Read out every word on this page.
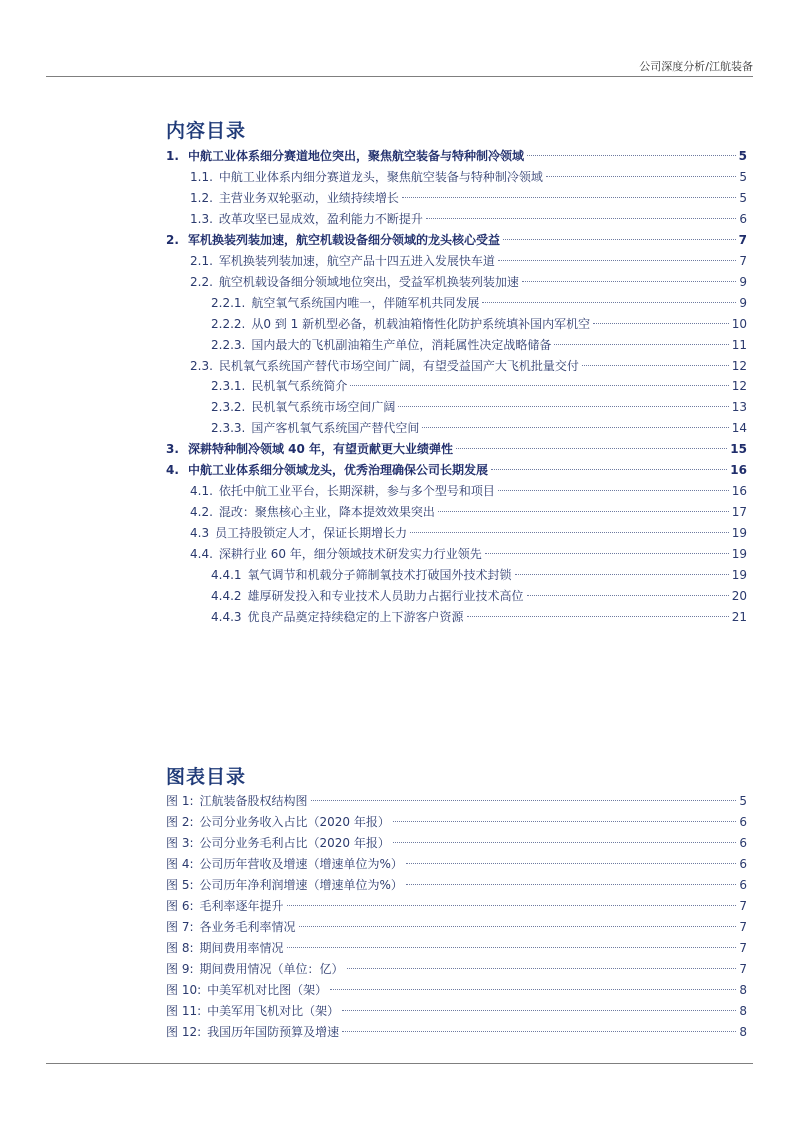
公司深度分析/江航装备
内容目录
1. 中航工业体系细分赛道地位突出，聚焦航空装备与特种制冷领域	5
1.1. 中航工业体系内细分赛道龙头，聚焦航空装备与特种制冷领域	5
1.2. 主营业务双轮驱动，业绩持续增长	5
1.3. 改革攻坚已显成效，盈利能力不断提升	6
2. 军机换装列装加速，航空机载设备细分领域的龙头核心受益	7
2.1. 军机换装列装加速，航空产品十四五进入发展快车道	7
2.2. 航空机载设备细分领域地位突出，受益军机换装列装加速	9
2.2.1. 航空氧气系统国内唯一，伴随军机共同发展	9
2.2.2. 从0 到 1 新机型必备，机载油箱惰性化防护系统填补国内军机空	10
2.2.3. 国内最大的飞机副油箱生产单位，消耗属性决定战略储备	11
2.3. 民机氧气系统国产替代市场空间广阔，有望受益国产大飞机批量交付	12
2.3.1. 民机氧气系统简介	12
2.3.2. 民机氧气系统市场空间广阔	13
2.3.3. 国产客机氧气系统国产替代空间	14
3. 深耕特种制冷领域 40 年，有望贡献更大业绩弹性	15
4. 中航工业体系细分领域龙头，优秀治理确保公司长期发展	16
4.1. 依托中航工业平台，长期深耕，参与多个型号和项目	16
4.2. 混改：聚焦核心主业，降本提效效果突出	17
4.3 员工持股锁定人才，保证长期增长力	19
4.4. 深耕行业 60 年，细分领域技术研发实力行业领先	19
4.4.1 氧气调节和机载分子筛制氧技术打破国外技术封锁	19
4.4.2 雄厚研发投入和专业技术人员助力占据行业技术高位	20
4.4.3 优良产品奠定持续稳定的上下游客户资源	21
图表目录
图 1: 江航装备股权结构图	5
图 2: 公司分业务收入占比（2020 年报）	6
图 3: 公司分业务毛利占比（2020 年报）	6
图 4: 公司历年营收及增速（增速单位为%）	6
图 5: 公司历年净利润增速（增速单位为%）	6
图 6: 毛利率逐年提升	7
图 7: 各业务毛利率情况	7
图 8: 期间费用率情况	7
图 9: 期间费用情况（单位：亿）	7
图 10: 中美军机对比图（架）	8
图 11: 中美军用飞机对比（架）	8
图 12: 我国历年国防预算及增速	8
